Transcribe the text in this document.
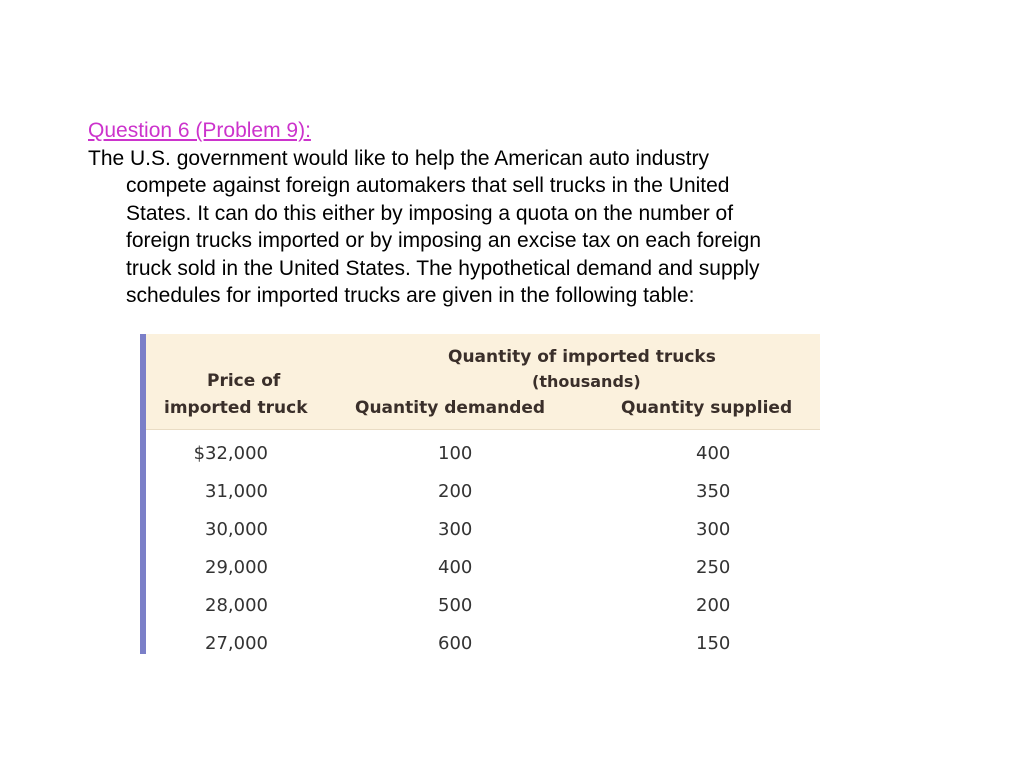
Question 6 (Problem 9):
The U.S. government would like to help the American auto industry
compete against foreign automakers that sell trucks in the United
States. It can do this either by imposing a quota on the number of
foreign trucks imported or by imposing an excise tax on each foreign
truck sold in the United States. The hypothetical demand and supply
schedules for imported trucks are given in the following table:
Price of
imported truck
Quantity of imported trucks
(thousands)
Quantity demanded	Quantity supplied
$32,000	100	400
31,000	200	350
30,000	300	300
29,000	400	250
28,000	500	200
27,000	600	150
